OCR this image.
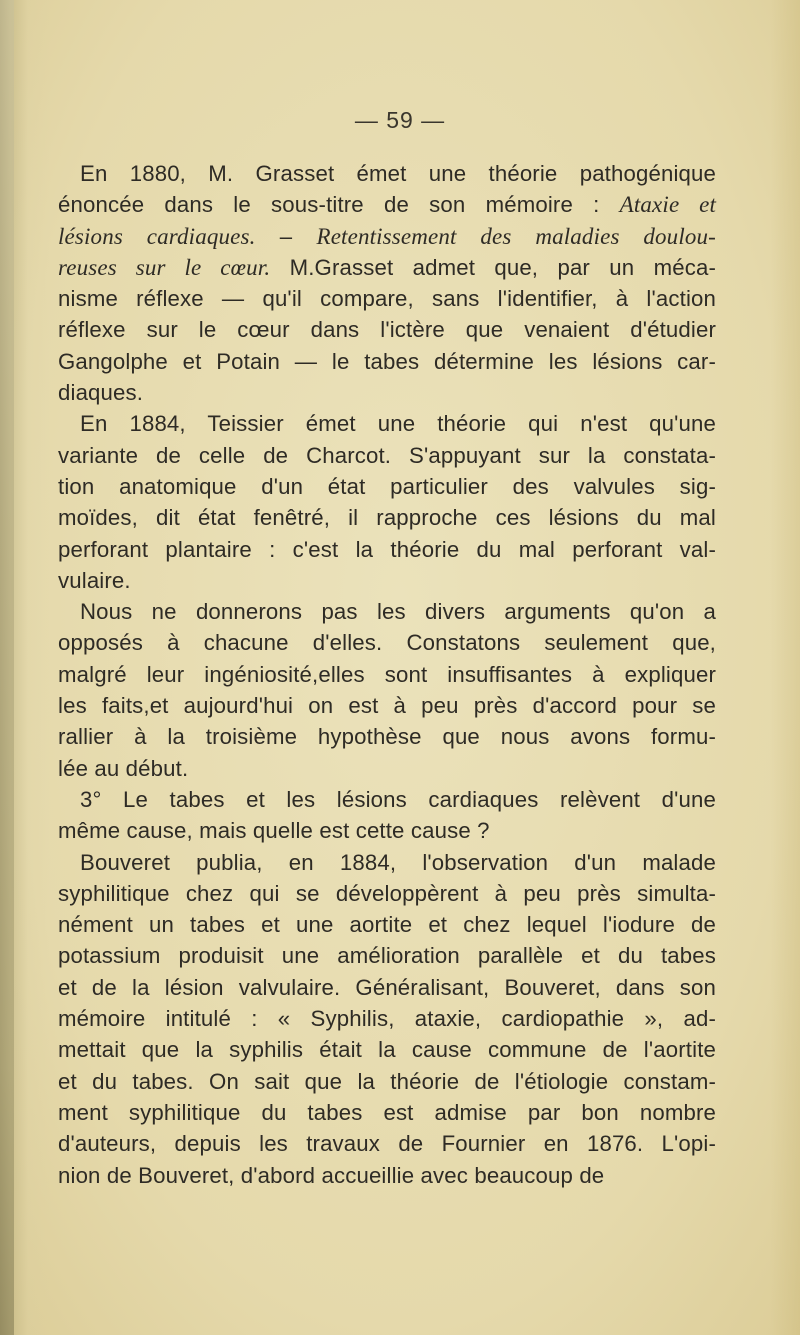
— 59 —
En 1880, M. Grasset émet une théorie pathogénique
énoncée dans le sous-titre de son mémoire : Ataxie et
lésions cardiaques. – Retentissement des maladies doulou-
reuses sur le cœur. M.Grasset admet que, par un méca-
nisme réflexe — qu'il compare, sans l'identifier, à l'action
réflexe sur le cœur dans l'ictère que venaient d'étudier
Gangolphe et Potain — le tabes détermine les lésions car-
diaques.
En 1884, Teissier émet une théorie qui n'est qu'une
variante de celle de Charcot. S'appuyant sur la constata-
tion anatomique d'un état particulier des valvules sig-
moïdes, dit état fenêtré, il rapproche ces lésions du mal
perforant plantaire : c'est la théorie du mal perforant val-
vulaire.
Nous ne donnerons pas les divers arguments qu'on a
opposés à chacune d'elles. Constatons seulement que,
malgré leur ingéniosité,elles sont insuffisantes à expliquer
les faits,et aujourd'hui on est à peu près d'accord pour se
rallier à la troisième hypothèse que nous avons formu-
lée au début.
3° Le tabes et les lésions cardiaques relèvent d'une
même cause, mais quelle est cette cause ?
Bouveret publia, en 1884, l'observation d'un malade
syphilitique chez qui se développèrent à peu près simulta-
nément un tabes et une aortite et chez lequel l'iodure de
potassium produisit une amélioration parallèle et du tabes
et de la lésion valvulaire. Généralisant, Bouveret, dans son
mémoire intitulé : « Syphilis, ataxie, cardiopathie », ad-
mettait que la syphilis était la cause commune de l'aortite
et du tabes. On sait que la théorie de l'étiologie constam-
ment syphilitique du tabes est admise par bon nombre
d'auteurs, depuis les travaux de Fournier en 1876. L'opi-
nion de Bouveret, d'abord accueillie avec beaucoup de
